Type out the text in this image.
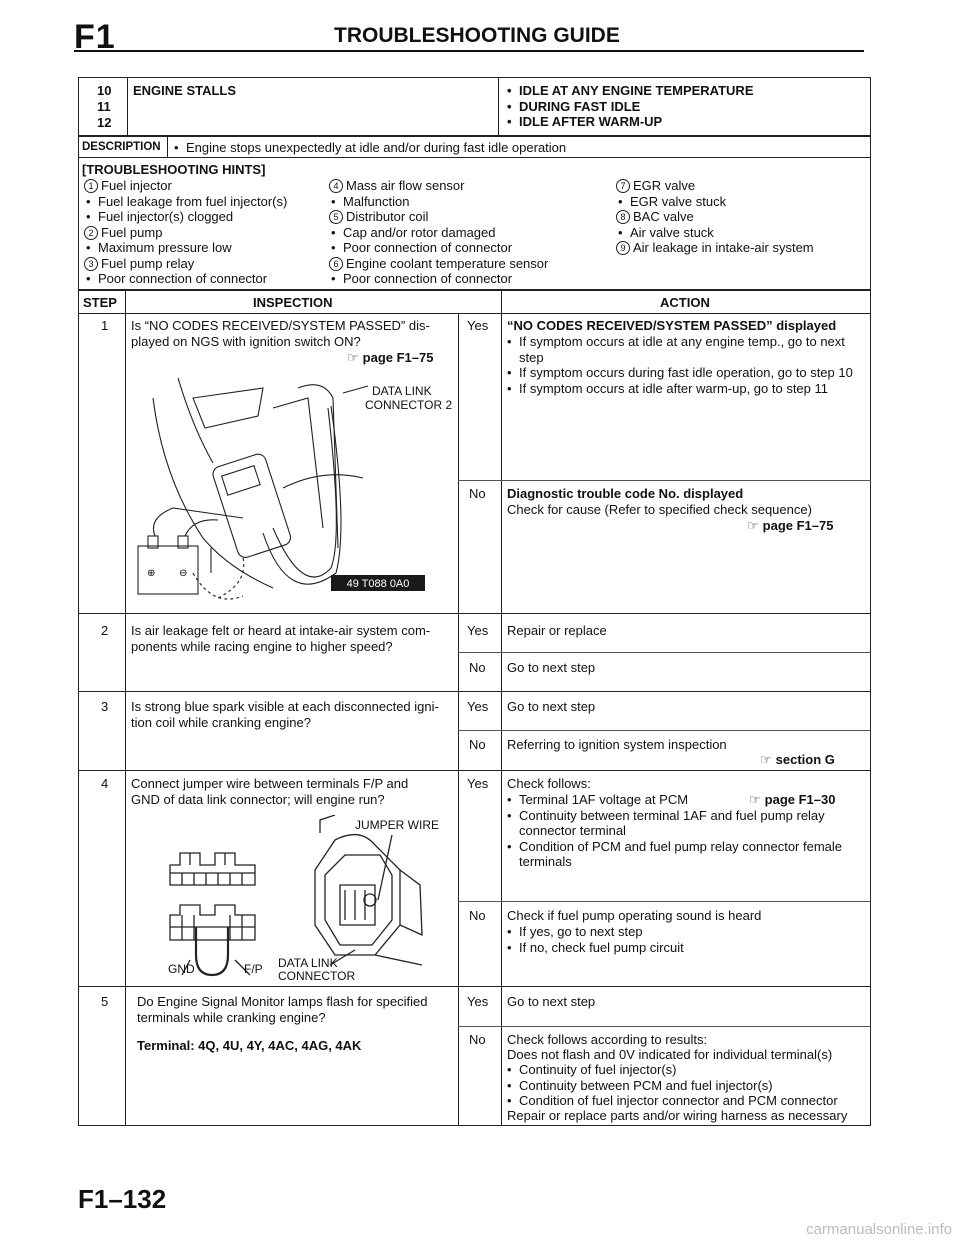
F1	TROUBLESHOOTING GUIDE
10
11
12
ENGINE STALLS	• IDLE AT ANY ENGINE TEMPERATURE
• DURING FAST IDLE
• IDLE AFTER WARM-UP
DESCRIPTION	• Engine stops unexpectedly at idle and/or during fast idle operation
[TROUBLESHOOTING HINTS]
1 Fuel injector
• Fuel leakage from fuel injector(s)
• Fuel injector(s) clogged
2 Fuel pump
• Maximum pressure low
3 Fuel pump relay
• Poor connection of connector
4 Mass air flow sensor
• Malfunction
5 Distributor coil
• Cap and/or rotor damaged
• Poor connection of connector
6 Engine coolant temperature sensor
• Poor connection of connector
7 EGR valve
• EGR valve stuck
8 BAC valve
• Air valve stuck
9 Air leakage in intake-air system
STEP	INSPECTION	ACTION
1 Is “NO CODES RECEIVED/SYSTEM PASSED” dis-
played on NGS with ignition switch ON?
☞ page F1–75
⊕ ⊖
49 T088 0A0
DATA LINK
CONNECTOR 2
Yes “NO CODES RECEIVED/SYSTEM PASSED” displayed
• If symptom occurs at idle at any engine temp., go to next
step
• If symptom occurs during fast idle operation, go to step 10
• If symptom occurs at idle after warm-up, go to step 11
No Diagnostic trouble code No. displayed
Check for cause (Refer to specified check sequence)
☞ page F1–75
2 Is air leakage felt or heard at intake-air system com-
ponents while racing engine to higher speed?
Yes Repair or replace
No Go to next step
3 Is strong blue spark visible at each disconnected igni-
tion coil while cranking engine?
Yes Go to next step
No Referring to ignition system inspection
☞ section G
4 Connect jumper wire between terminals F/P and
GND of data link connector; will engine run?
JUMPER WIRE
GND	F/P DATA LINK
CONNECTOR
Yes Check follows:
• Terminal 1AF voltage at PCM
• Continuity between terminal 1AF and fuel pump relay
connector terminal
• Condition of PCM and fuel pump relay connector female
terminals
☞ page F1–30
No Check if fuel pump operating sound is heard
• If yes, go to next step
• If no, check fuel pump circuit
5 Do Engine Signal Monitor lamps flash for specified
terminals while cranking engine?
Terminal: 4Q, 4U, 4Y, 4AC, 4AG, 4AK
Yes Go to next step
No Check follows according to results:
Does not flash and 0V indicated for individual terminal(s)
• Continuity of fuel injector(s)
• Continuity between PCM and fuel injector(s)
• Condition of fuel injector connector and PCM connector
Repair or replace parts and/or wiring harness as necessary
F1–132
carmanualsonline.info
